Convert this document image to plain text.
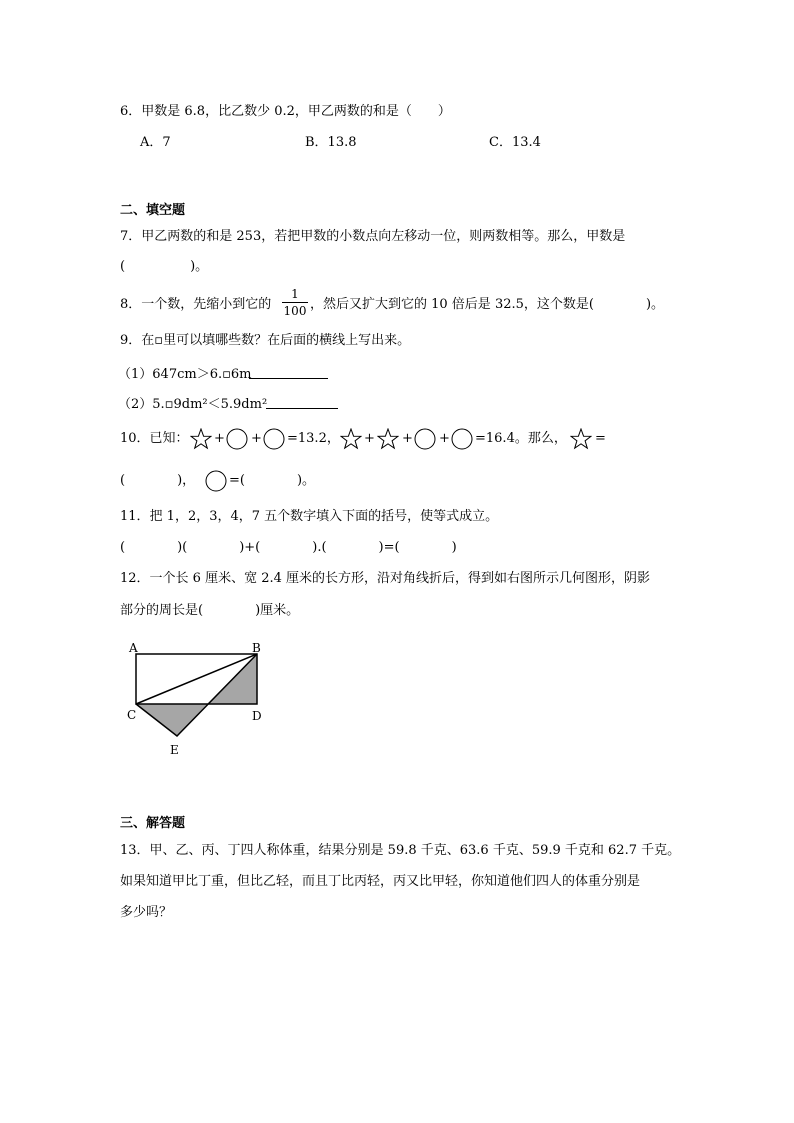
6．甲数是 6.8，比乙数少 0.2，甲乙两数的和是（　　）
A．7	B．13.8	C．13.4
二、填空题
7．甲乙两数的和是 253，若把甲数的小数点向左移动一位，则两数相等。那么，甲数是
(　　　　　)。
8．一个数，先缩小到它的
1
100 ，然后又扩大到它的 10 倍后是 32.5，这个数是(　　　　)。
9．在▫里可以填哪些数？在后面的横线上写出来。
（1）647cm＞6.▫6m
（2）5.▫9dm²＜5.9dm²
10．已知： + + =13.2， + + + =16.4。那么， =
(　　　　)，	=(　　　　)。
11．把 1，2，3，4，7 五个数字填入下面的括号，使等式成立。
(　　　　)(　　　　)+(　　　　).(　　　　)=(　　　　)
12．一个长 6 厘米、宽 2.4 厘米的长方形，沿对角线折后，得到如右图所示几何图形，阴影
部分的周长是(　　　　)厘米。
A	B
C	D
E
三、解答题
13．甲、乙、丙、丁四人称体重，结果分别是 59.8 千克、63.6 千克、59.9 千克和 62.7 千克。
如果知道甲比丁重，但比乙轻，而且丁比丙轻，丙又比甲轻，你知道他们四人的体重分别是
多少吗？
